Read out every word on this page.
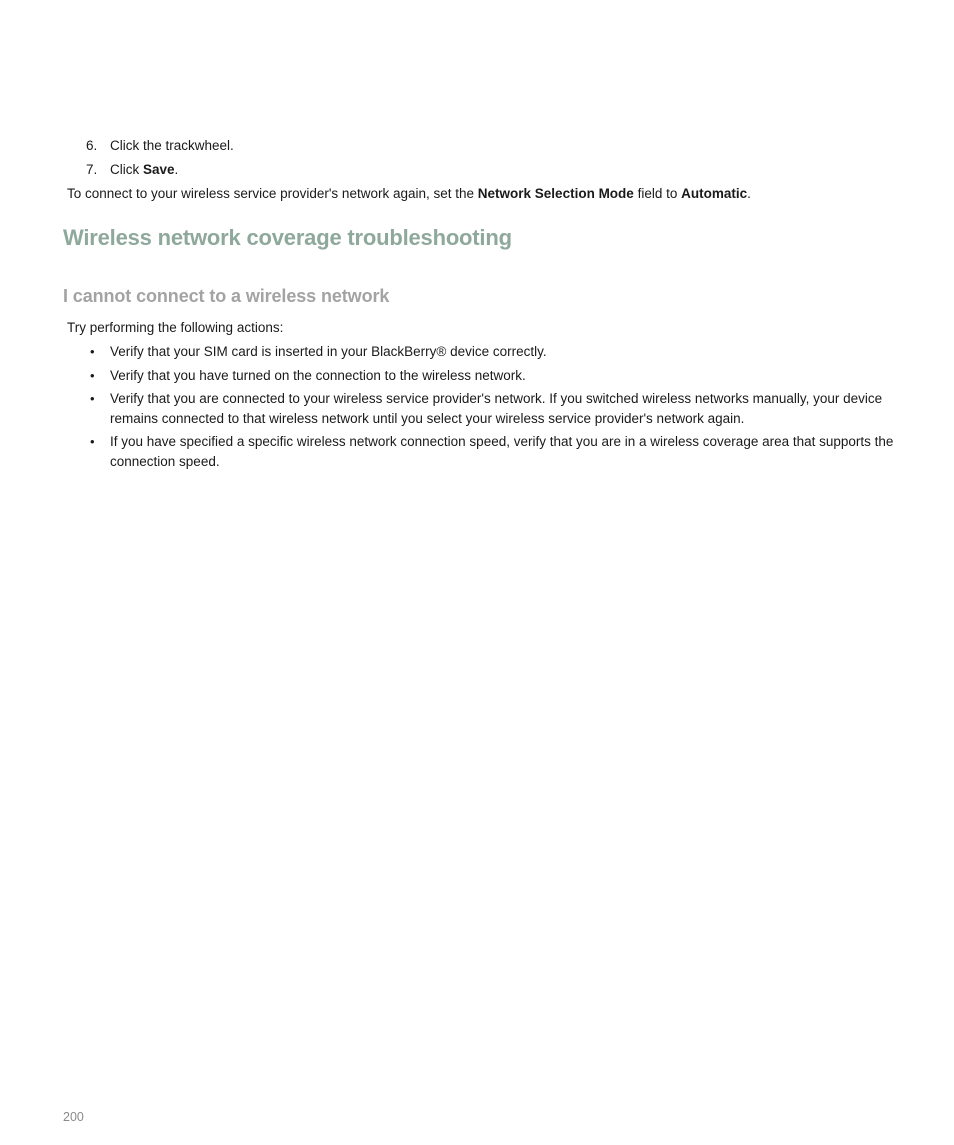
6. Click the trackwheel.
7. Click Save.

To connect to your wireless service provider's network again, set the Network Selection Mode field to Automatic.

Wireless network coverage troubleshooting
I cannot connect to a wireless network

Try performing the following actions:

•	Verify that your SIM card is inserted in your BlackBerry® device correctly.
•	Verify that you have turned on the connection to the wireless network.
•	Verify that you are connected to your wireless service provider's network. If you switched wireless networks manually, your device remains connected to that wireless network until you select your wireless service provider's network again.
•	If you have specified a specific wireless network connection speed, verify that you are in a wireless coverage area that supports the connection speed.
200
